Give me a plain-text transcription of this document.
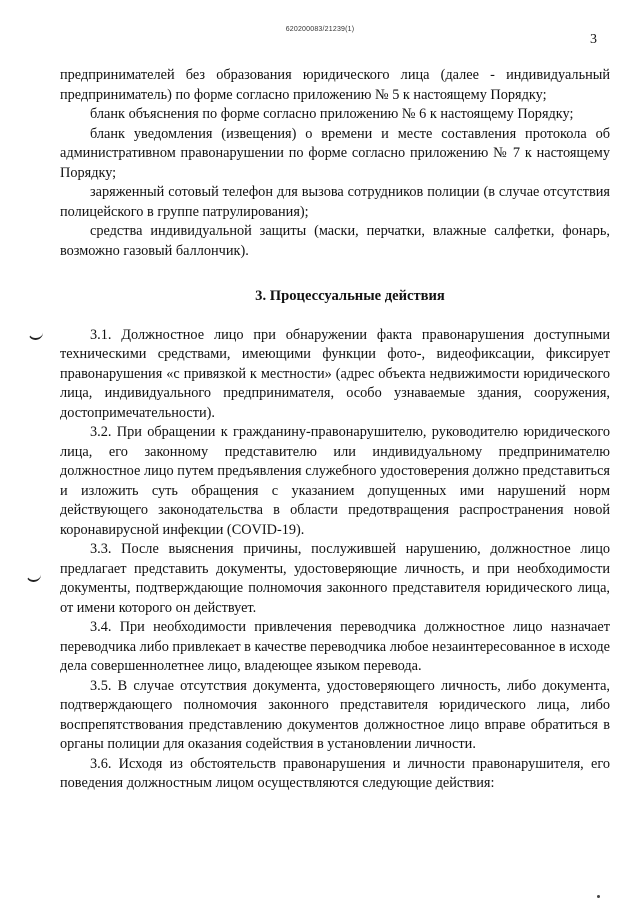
620200083/21239(1)
3

предпринимателей без образования юридического лица (далее - индивидуальный предприниматель) по форме согласно приложению № 5 к настоящему Порядку;

бланк объяснения по форме согласно приложению № 6 к настоящему Порядку;

бланк уведомления (извещения) о времени и месте составления протокола об административном правонарушении по форме согласно приложению № 7 к настоящему Порядку;

заряженный сотовый телефон для вызова сотрудников полиции (в случае отсутствия полицейского в группе патрулирования);

средства индивидуальной защиты (маски, перчатки, влажные салфетки, фонарь, возможно газовый баллончик).

3. Процессуальные действия

3.1. Должностное лицо при обнаружении факта правонарушения доступными техническими средствами, имеющими функции фото-, видеофиксации, фиксирует правонарушения «с привязкой к местности» (адрес объекта недвижимости юридического лица, индивидуального предпринимателя, особо узнаваемые здания, сооружения, достопримечательности).

3.2. При обращении к гражданину-правонарушителю, руководителю юридического лица, его законному представителю или индивидуальному предпринимателю должностное лицо путем предъявления служебного удостоверения должно представиться и изложить суть обращения с указанием допущенных ими нарушений норм действующего законодательства в области предотвращения распространения новой коронавирусной инфекции (COVID-19).

3.3. После выяснения причины, послужившей нарушению, должностное лицо предлагает представить документы, удостоверяющие личность, и при необходимости документы, подтверждающие полномочия законного представителя юридического лица, от имени которого он действует.

3.4. При необходимости привлечения переводчика должностное лицо назначает переводчика либо привлекает в качестве переводчика любое незаинтересованное в исходе дела совершеннолетнее лицо, владеющее языком перевода.

3.5. В случае отсутствия документа, удостоверяющего личность, либо документа, подтверждающего полномочия законного представителя юридического лица, либо воспрепятствования представлению документов должностное лицо вправе обратиться в органы полиции для оказания содействия в установлении личности.

3.6. Исходя из обстоятельств правонарушения и личности правонарушителя, его поведения должностным лицом осуществляются следующие действия:
